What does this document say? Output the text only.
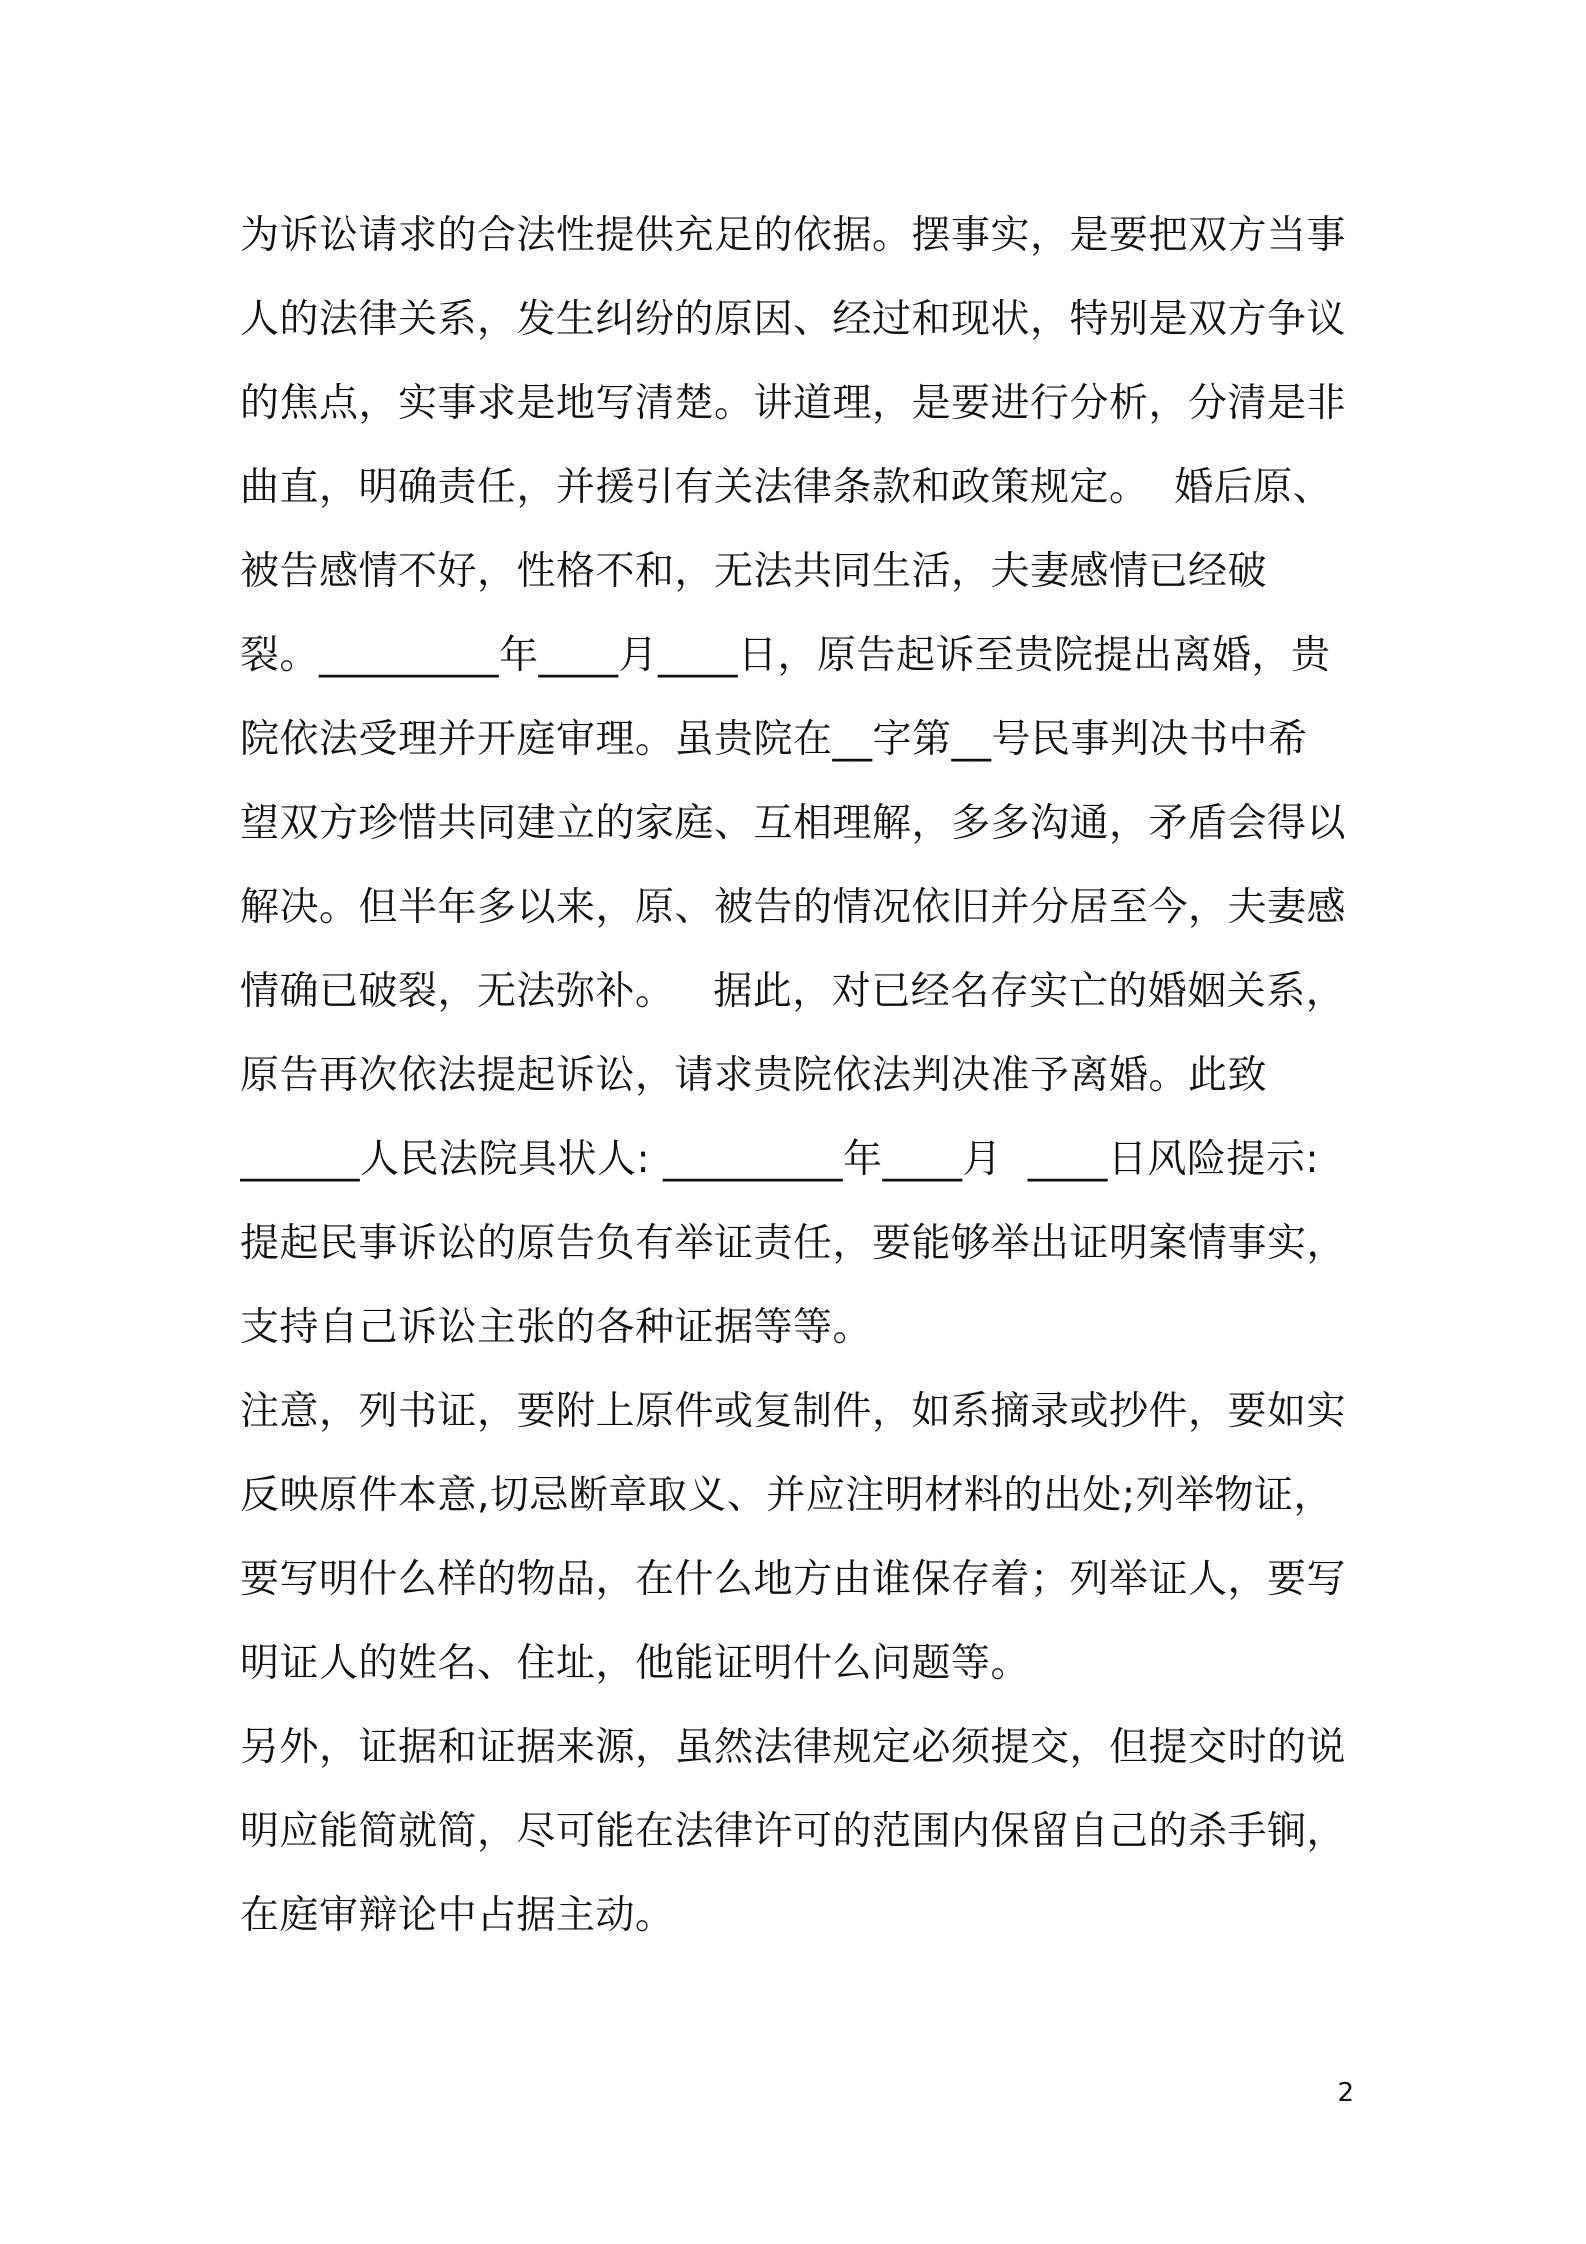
为诉讼请求的合法性提供充足的依据。摆事实，是要把双方当事
人的法律关系，发生纠纷的原因、经过和现状，特别是双方争议
的焦点，实事求是地写清楚。讲道理，是要进行分析，分清是非
曲直，明确责任，并援引有关法律条款和政策规定。  婚后原、
被告感情不好，性格不和，无法共同生活，夫妻感情已经破
裂。_________年____月____日，原告起诉至贵院提出离婚，贵
院依法受理并开庭审理。虽贵院在__字第__号民事判决书中希
望双方珍惜共同建立的家庭、互相理解，多多沟通，矛盾会得以
解决。但半年多以来，原、被告的情况依旧并分居至今，夫妻感
情确已破裂，无法弥补。   据此，对已经名存实亡的婚姻关系，
原告再次依法提起诉讼，请求贵院依法判决准予离婚。此致
______人民法院具状人: _________年____月  ____日风险提示:
提起民事诉讼的原告负有举证责任，要能够举出证明案情事实，
支持自己诉讼主张的各种证据等等。
注意，列书证，要附上原件或复制件，如系摘录或抄件，要如实
反映原件本意,切忌断章取义、并应注明材料的出处;列举物证，
要写明什么样的物品，在什么地方由谁保存着；列举证人，要写
明证人的姓名、住址，他能证明什么问题等。
另外，证据和证据来源，虽然法律规定必须提交，但提交时的说
明应能简就简，尽可能在法律许可的范围内保留自己的杀手锏，
在庭审辩论中占据主动。
2
